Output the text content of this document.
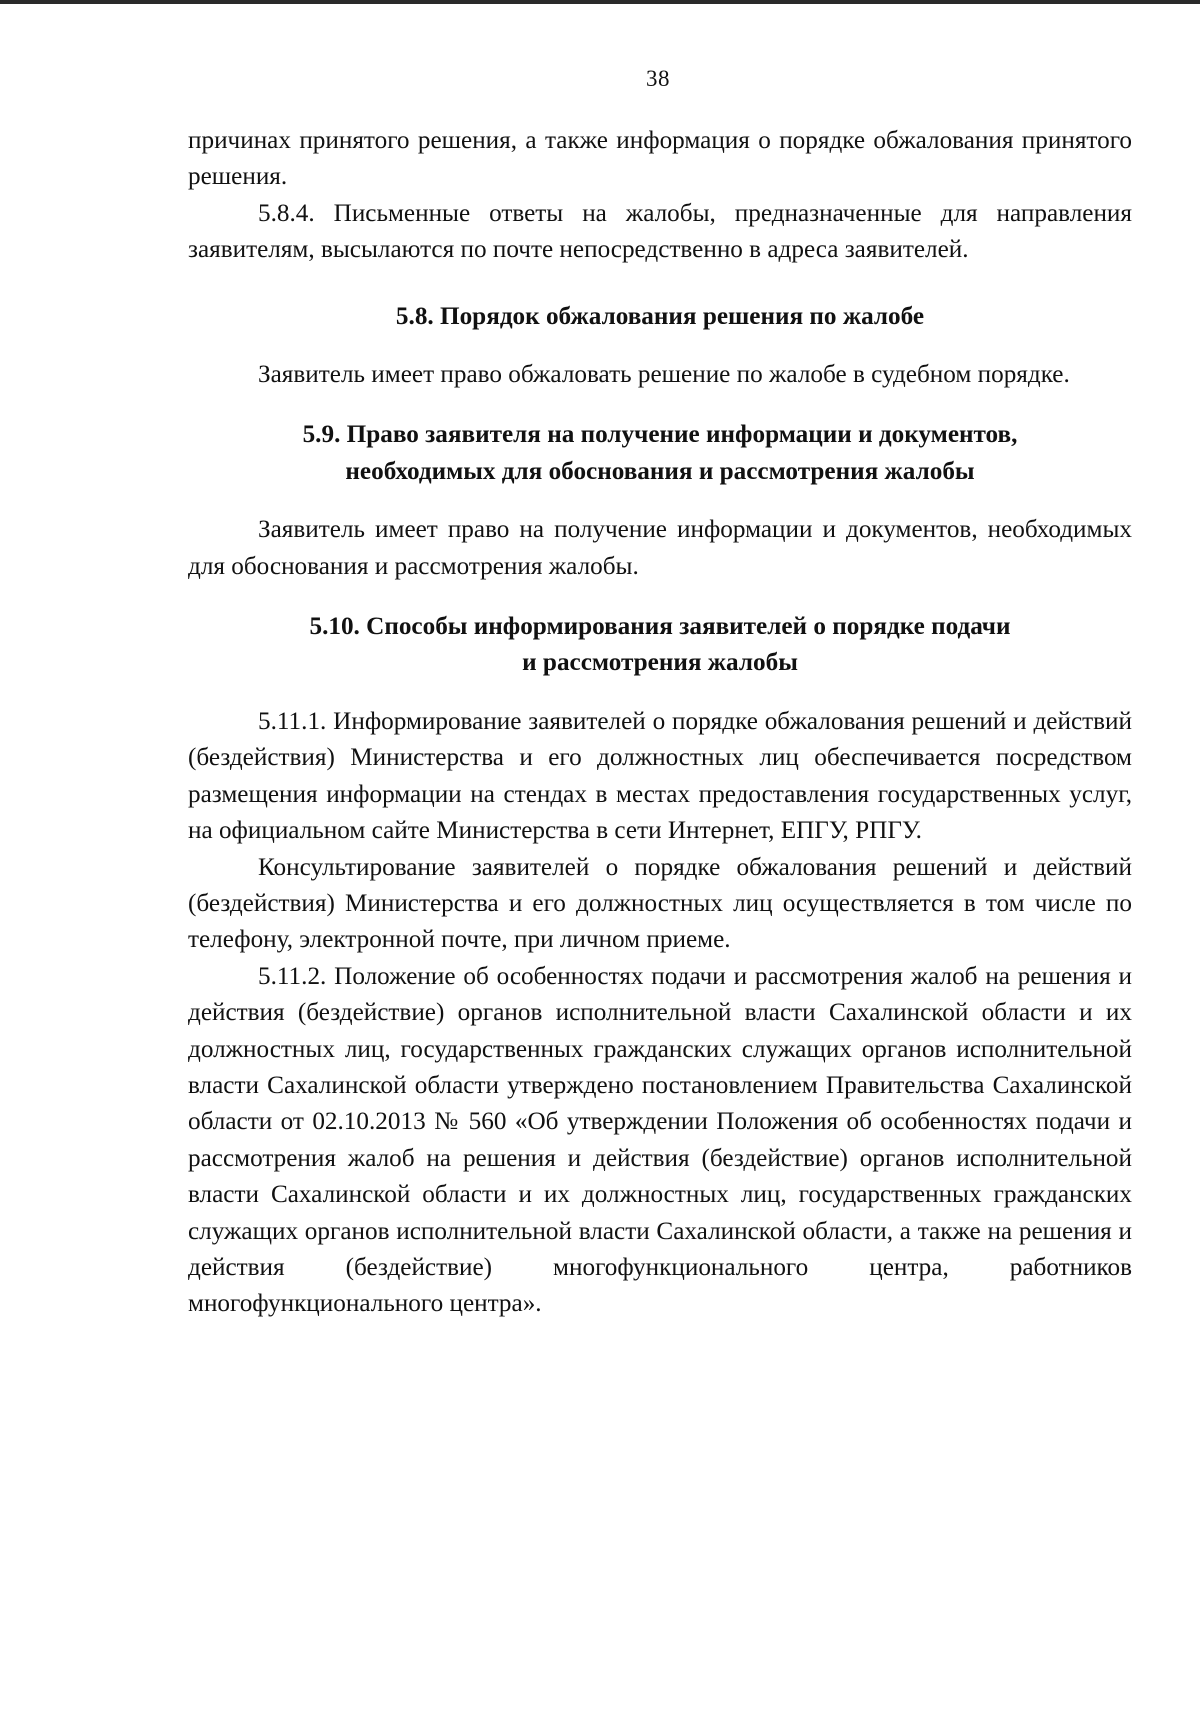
38

причинах принятого решения, а также информация о порядке обжалования принятого решения.

5.8.4. Письменные ответы на жалобы, предназначенные для направления заявителям, высылаются по почте непосредственно в адреса заявителей.

5.8. Порядок обжалования решения по жалобе

Заявитель имеет право обжаловать решение по жалобе в судебном порядке.

5.9. Право заявителя на получение информации и документов,
необходимых для обоснования и рассмотрения жалобы

Заявитель имеет право на получение информации и документов, необходимых для обоснования и рассмотрения жалобы.

5.10. Способы информирования заявителей о порядке подачи
и рассмотрения жалобы

5.11.1. Информирование заявителей о порядке обжалования решений и действий (бездействия) Министерства и его должностных лиц обеспечивается посредством размещения информации на стендах в местах предоставления государственных услуг, на официальном сайте Министерства в сети Интернет, ЕПГУ, РПГУ.

Консультирование заявителей о порядке обжалования решений и действий (бездействия) Министерства и его должностных лиц осуществляется в том числе по телефону, электронной почте, при личном приеме.

5.11.2. Положение об особенностях подачи и рассмотрения жалоб на решения и действия (бездействие) органов исполнительной власти Сахалинской области и их должностных лиц, государственных гражданских служащих органов исполнительной власти Сахалинской области утверждено постановлением Правительства Сахалинской области от 02.10.2013 № 560 «Об утверждении Положения об особенностях подачи и рассмотрения жалоб на решения и действия (бездействие) органов исполнительной власти Сахалинской области и их должностных лиц, государственных гражданских служащих органов исполнительной власти Сахалинской области, а также на решения и действия (бездействие) многофункционального центра, работников многофункционального центра».
